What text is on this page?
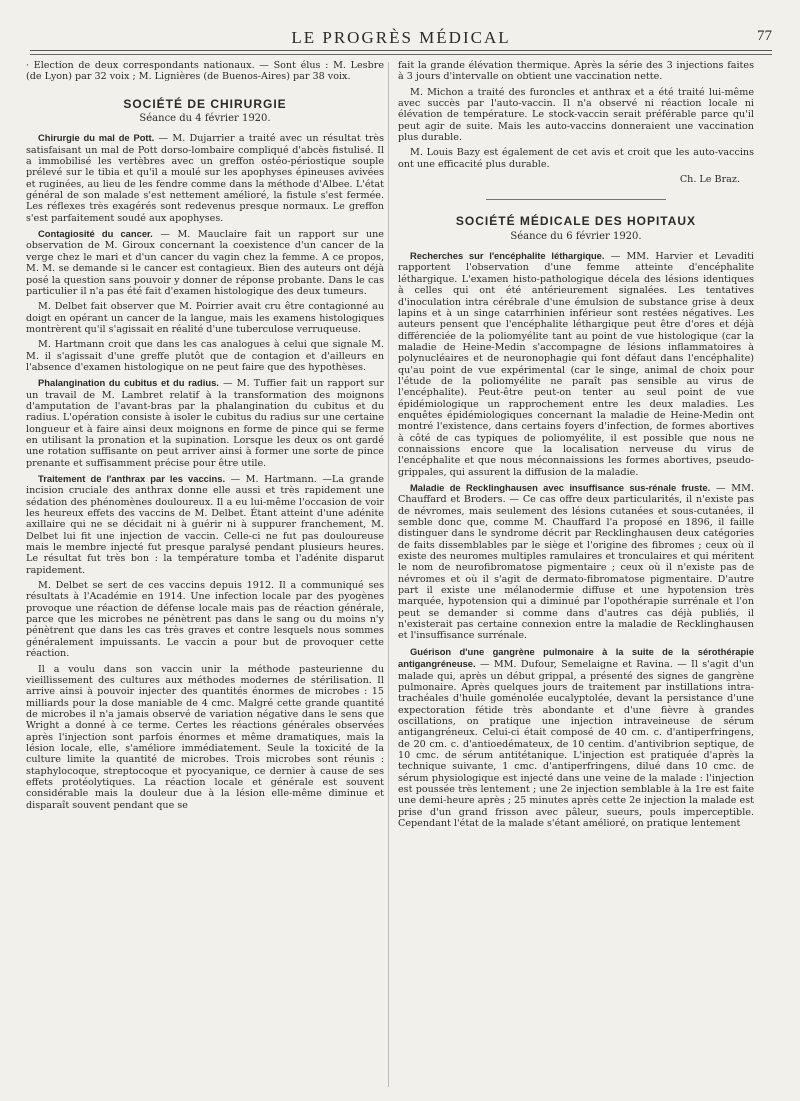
LE PROGRÈS MÉDICAL	77

· Election de deux correspondants nationaux. — Sont élus : M. Lesbre (de Lyon) par 32 voix ; M. Lignières (de Buenos-Aires) par 38 voix.

SOCIÉTÉ DE CHIRURGIE
Séance du 4 février 1920.

Chirurgie du mal de Pott. — M. Dujarrier a traité avec un résultat très satisfaisant un mal de Pott dorso-lombaire compliqué d'abcès fistulisé. Il a immobilisé les vertèbres avec un greffon ostéo-périostique souple prélevé sur le tibia et qu'il a moulé sur les apophyses épineuses avivées et ruginées, au lieu de les fendre comme dans la méthode d'Albee. L'état général de son malade s'est nettement amélioré, la fistule s'est fermée. Les réflexes très exagérés sont redevenus presque normaux. Le greffon s'est parfaitement soudé aux apophyses.

Contagiosité du cancer. — M. Mauclaire fait un rapport sur une observation de M. Giroux concernant la coexistence d'un cancer de la verge chez le mari et d'un cancer du vagin chez la femme. A ce propos, M. M. se demande si le cancer est contagieux. Bien des auteurs ont déjà posé la question sans pouvoir y donner de réponse probante. Dans le cas particulier il n'a pas été fait d'examen histologique des deux tumeurs.

M. Delbet fait observer que M. Poirrier avait cru être contagionné au doigt en opérant un cancer de la langue, mais les examens histologiques montrèrent qu'il s'agissait en réalité d'une tuberculose verruqueuse.

M. Hartmann croit que dans les cas analogues à celui que signale M. M. il s'agissait d'une greffe plutôt que de contagion et d'ailleurs en l'absence d'examen histologique on ne peut faire que des hypothèses.

Phalangination du cubitus et du radius. — M. Tuffier fait un rapport sur un travail de M. Lambret relatif à la transformation des moignons d'amputation de l'avant-bras par la phalangination du cubitus et du radius. L'opération consiste à isoler le cubitus du radius sur une certaine longueur et à faire ainsi deux moignons en forme de pince qui se ferme en utilisant la pronation et la supination. Lorsque les deux os ont gardé une rotation suffisante on peut arriver ainsi à former une sorte de pince prenante et suffisamment précise pour être utile.

Traitement de l'anthrax par les vaccins. — M. Hartmann. —La grande incision cruciale des anthrax donne elle aussi et très rapidement une sédation des phénomènes douloureux. Il a eu lui-même l'occasion de voir les heureux effets des vaccins de M. Delbet. Étant atteint d'une adénite axillaire qui ne se décidait ni à guérir ni à suppurer franchement, M. Delbet lui fit une injection de vaccin. Celle-ci ne fut pas douloureuse mais le membre injecté fut presque paralysé pendant plusieurs heures. Le résultat fut très bon : la température tomba et l'adénite disparut rapidement.

M. Delbet se sert de ces vaccins depuis 1912. Il a communiqué ses résultats à l'Académie en 1914. Une infection locale par des pyogènes provoque une réaction de défense locale mais pas de réaction générale, parce que les microbes ne pénètrent pas dans le sang ou du moins n'y pénètrent que dans les cas très graves et contre lesquels nous sommes généralement impuissants. Le vaccin a pour but de provoquer cette réaction.

Il a voulu dans son vaccin unir la méthode pasteurienne du vieillissement des cultures aux méthodes modernes de stérilisation. Il arrive ainsi à pouvoir injecter des quantités énormes de microbes : 15 milliards pour la dose maniable de 4 cmc. Malgré cette grande quantité de microbes il n'a jamais observé de variation négative dans le sens que Wright a donné à ce terme. Certes les réactions générales observées après l'injection sont parfois énormes et même dramatiques, mais la lésion locale, elle, s'améliore immédiatement. Seule la toxicité de la culture limite la quantité de microbes. Trois microbes sont réunis : staphylocoque, streptocoque et pyocyanique, ce dernier à cause de ses effets protéolytiques. La réaction locale et générale est souvent considérable mais la douleur due à la lésion elle-même diminue et disparaît souvent pendant que se

fait la grande élévation thermique. Après la série des 3 injections faites à 3 jours d'intervalle on obtient une vaccination nette.

M. Michon a traité des furoncles et anthrax et a été traité lui-même avec succès par l'auto-vaccin. Il n'a observé ni réaction locale ni élévation de température. Le stock-vaccin serait préférable parce qu'il peut agir de suite. Mais les auto-vaccins donneraient une vaccination plus durable.

M. Louis Bazy est également de cet avis et croit que les auto-vaccins ont une efficacité plus durable.

Ch. Le Braz.

SOCIÉTÉ MÉDICALE DES HOPITAUX
Séance du 6 février 1920.

Recherches sur l'encéphalite léthargique. — MM. Harvier et Levaditi rapportent l'observation d'une femme atteinte d'encéphalite léthargique. L'examen histo-pathologique décela des lésions identiques à celles qui ont été antérieurement signalées. Les tentatives d'inoculation intra cérébrale d'une émulsion de substance grise à deux lapins et à un singe catarrhinien inférieur sont restées négatives. Les auteurs pensent que l'encéphalite léthargique peut être d'ores et déjà différenciée de la poliomyélite tant au point de vue histologique (car la maladie de Heine-Medin s'accompagne de lésions inflammatoires à polynucléaires et de neuronophagie qui font défaut dans l'encéphalite) qu'au point de vue expérimental (car le singe, animal de choix pour l'étude de la poliomyélite ne paraît pas sensible au virus de l'encéphalite). Peut-être peut-on tenter au seul point de vue épidémiologique un rapprochement entre les deux maladies. Les enquêtes épidémiologiques concernant la maladie de Heine-Medin ont montré l'existence, dans certains foyers d'infection, de formes abortives à côté de cas typiques de poliomyélite, il est possible que nous ne connaissions encore que la localisation nerveuse du virus de l'encéphalite et que nous méconnaissions les formes abortives, pseudo-grippales, qui assurent la diffusion de la maladie.

Maladie de Recklinghausen avec insuffisance sus-rénale fruste. — MM. Chauffard et Broders. — Ce cas offre deux particularités, il n'existe pas de névromes, mais seulement des lésions cutanées et sous-cutanées, il semble donc que, comme M. Chauffard l'a proposé en 1896, il faille distinguer dans le syndrome décrit par Recklinghausen deux catégories de faits dissemblables par le siège et l'origine des fibromes ; ceux où il existe des neuromes multiples ramulaires et tronculaires et qui méritent le nom de neurofibromatose pigmentaire ; ceux où il n'existe pas de névromes et où il s'agit de dermato-fibromatose pigmentaire. D'autre part il existe une mélanodermie diffuse et une hypotension très marquée, hypotension qui a diminué par l'opothérapie surrénale et l'on peut se demander si comme dans d'autres cas déjà publiés, il n'existerait pas certaine connexion entre la maladie de Recklinghausen et l'insuffisance surrénale.

Guérison d'une gangrène pulmonaire à la suite de la sérothérapie antigangréneuse. — MM. Dufour, Semelaigne et Ravina. — Il s'agit d'un malade qui, après un début grippal, a présenté des signes de gangrène pulmonaire. Après quelques jours de traitement par instillations intra-trachéales d'huile goménolée eucalyptolée, devant la persistance d'une expectoration fétide très abondante et d'une fièvre à grandes oscillations, on pratique une injection intraveineuse de sérum antigangréneux. Celui-ci était composé de 40 cm. c. d'antiperfringens, de 20 cm. c. d'antioedémateux, de 10 centim. d'antivibrion septique, de 10 cmc. de sérum antitétanique. L'injection est pratiquée d'après la technique suivante, 1 cmc. d'antiperfringens, dilué dans 10 cmc. de sérum physiologique est injecté dans une veine de la malade : l'injection est poussée très lentement ; une 2e injection semblable à la 1re est faite une demi-heure après ; 25 minutes après cette 2e injection la malade est prise d'un grand frisson avec pâleur, sueurs, pouls imperceptible. Cependant l'état de la malade s'étant amélioré, on pratique lentement
